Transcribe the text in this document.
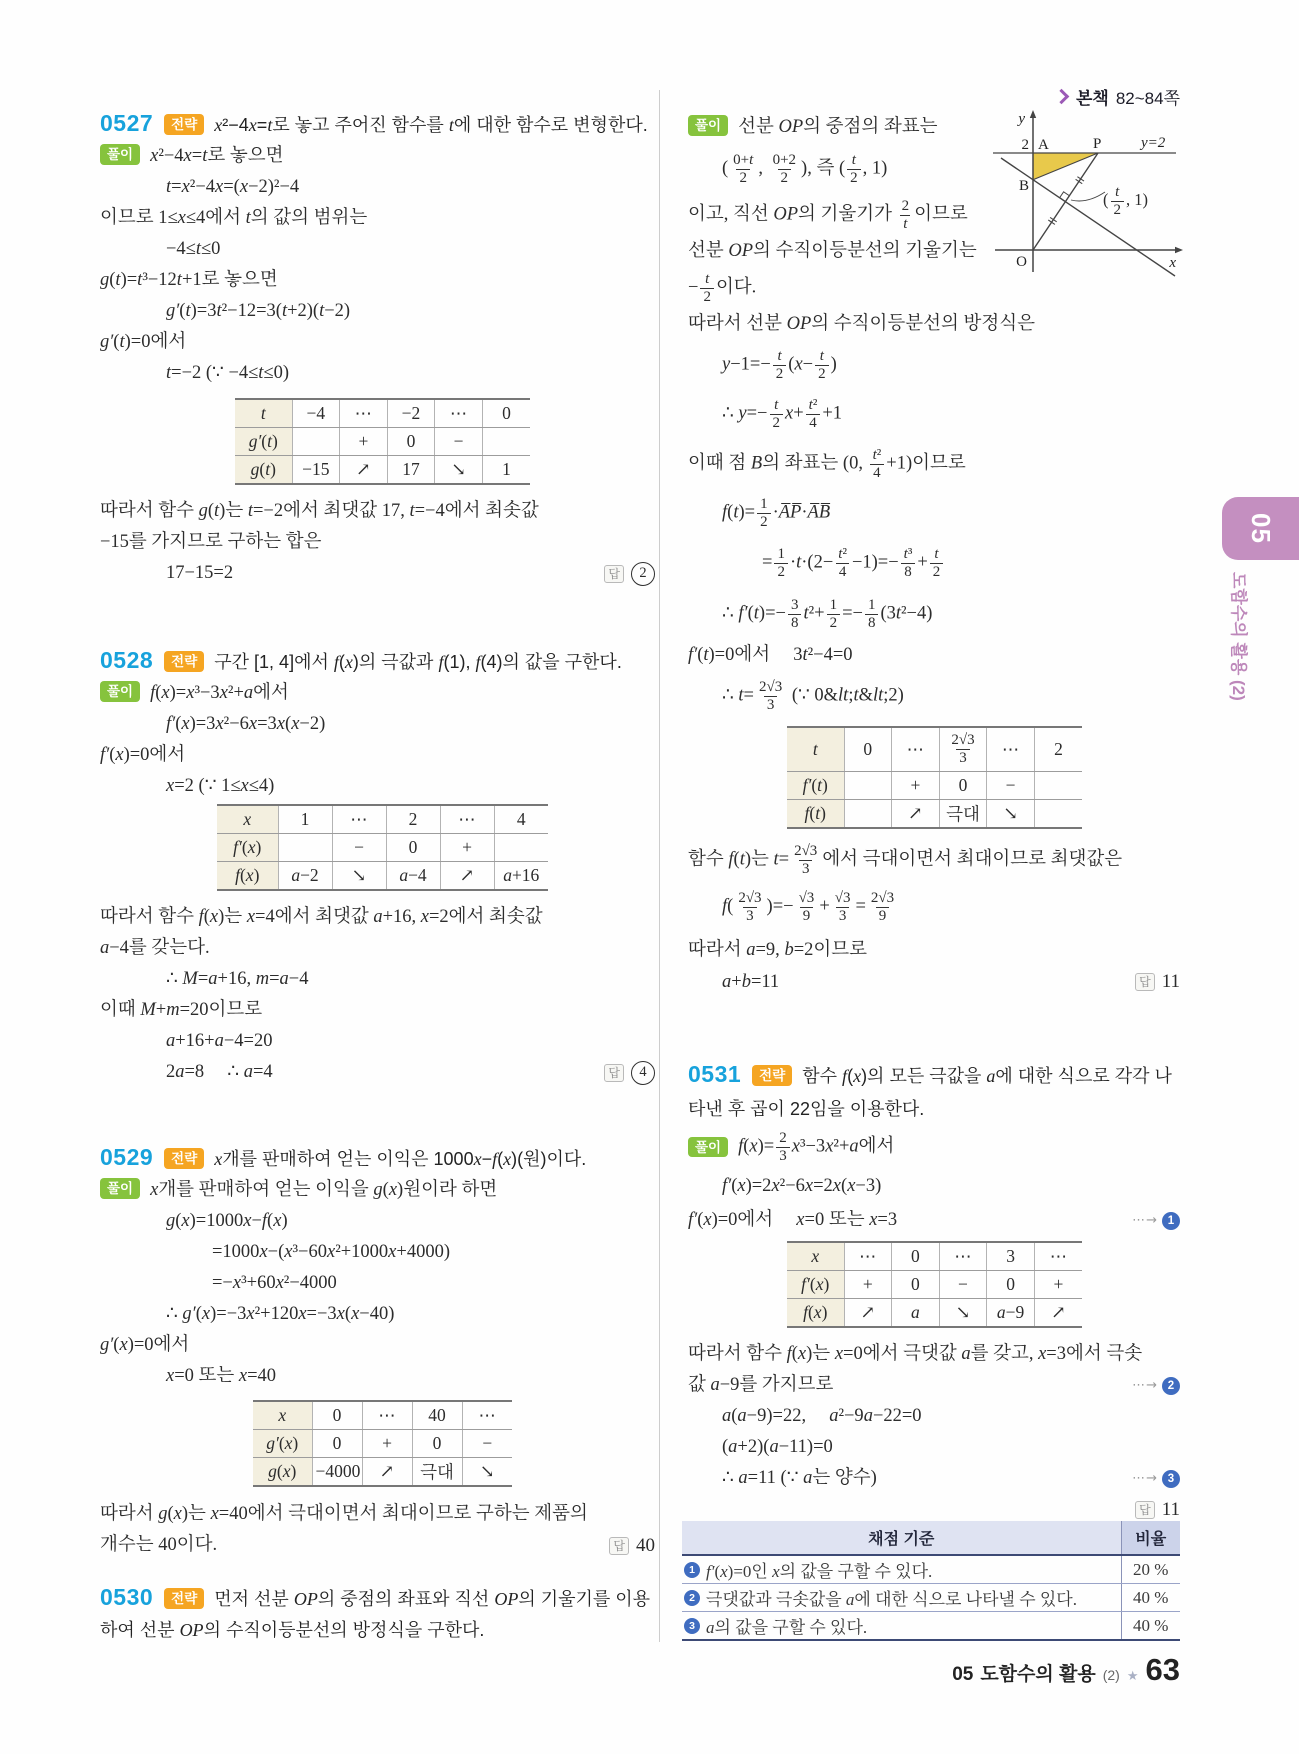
본책 82~84쪽

0527 전략 x²−4x=t로 놓고 주어진 함수를 t에 대한 함수로 변형한다.

풀이 x²−4x=t로 놓으면
t=x²−4x=(x−2)²−4
이므로 1≤x≤4에서 t의 값의 범위는
−4≤t≤0
g(t)=t³−12t+1로 놓으면
g′(t)=3t²−12=3(t+2)(t−2)
g′(t)=0에서
t=−2 (∵ −4≤t≤0)
t	−4	⋯	−2	⋯	0
g′(t)		+	0	−	
g(t)	−15	↗	17	↘	1
따라서 함수 g(t)는 t=−2에서 최댓값 17, t=−4에서 최솟값
−15를 가지므로 구하는 합은
17−15=2	답	2

0528 전략 구간 [1, 4]에서 f(x)의 극값과 f(1), f(4)의 값을 구한다.

풀이 f(x)=x³−3x²+a에서
f′(x)=3x²−6x=3x(x−2)
f′(x)=0에서
x=2 (∵ 1≤x≤4)
x	1	⋯	2	⋯	4
f′(x)		−	0	+	
f(x)	a−2	↘	a−4	↗	a+16
따라서 함수 f(x)는 x=4에서 최댓값 a+16, x=2에서 최솟값
a−4를 갖는다.
∴ M=a+16, m=a−4
이때 M+m=20이므로
a+16+a−4=20
2a=8     ∴ a=4	답	4

0529 전략 x개를 판매하여 얻는 이익은 1000x−f(x)(원)이다.

풀이 x개를 판매하여 얻는 이익을 g(x)원이라 하면
g(x)=1000x−f(x)
=1000x−(x³−60x²+1000x+4000)
=−x³+60x²−4000
∴ g′(x)=−3x²+120x=−3x(x−40)
g′(x)=0에서
x=0 또는 x=40
x	0	⋯	40	⋯
g′(x)	0	+	0	−
g(x)	−4000	↗	극대	↘
따라서 g(x)는 x=40에서 극대이면서 최대이므로 구하는 제품의
개수는 40이다.	답 40

0530 전략 먼저 선분 OP의 중점의 좌표와 직선 OP의 기울기를 이용하여 선분 OP의 수직이등분선의 방정식을 구한다.

풀이 선분 OP의 중점의 좌표는
( $\frac{0+t}{2}$ , $\frac{0+2}{2}$ ), 즉 ( $\frac{t}{2}$ , 1)
이고, 직선 OP의 기울기가 $\frac{2}{t}$ 이므로
선분 OP의 수직이등분선의 기울기는
− $\frac{t}{2}$ 이다.
따라서 선분 OP의 수직이등분선의 방정식은
$y-1=- \frac{t}{2} (x- \frac{t}{2}$ )
∴ $y=- \frac{t}{2} x+ \frac{\text{t²}}{4} +1$
이때 점 B의 좌표는 (0, $\frac{\text{t²}}{4} +1$)이므로
$f(t)= \frac{1}{2}$ ·A̅P̅·A̅B̅
= $\frac{1}{2} \cdot t\cdot(2- \frac{\text{t²}}{4} -1)=- \frac{\text{t³}}{8} + \frac{t}{2}$
∴ $f'(t)=- \frac{3}{8} t^2+ \frac{1}{2} =- \frac{1}{8} (3t^2-4)$
f′(t)=0에서     3t²−4=0
∴ $t= \frac{2√3}{3}$ (∵ 0&lt;t&lt;2)
t	0	⋯	$\frac{2√3}{3}$	⋯	2
f′(t)		+	0	−	
f(t)		↗	극대	↘	
함수 f(t)는 $t= \frac{2√3}{3}$ 에서 극대이면서 최대이므로 최댓값은
$f( \frac{2√3}{3}$ )=− $\frac{√3}{9} + \frac{√3}{3} = \frac{2√3}{9}$
따라서 a=9, b=2이므로
a+b=11	답 11
y
x
O
2 A	P
B
y=2
( $\frac{t}{2}$ , 1)

0531 전략 함수 f(x)의 모든 극값을 a에 대한 식으로 각각 나타낸 후 곱이 22임을 이용한다.

풀이 $f(x)= \frac{2}{3} x^3-3x^2+a$에서
f′(x)=2x²−6x=2x(x−3)
f′(x)=0에서     x=0 또는 x=3	⋯→ 1
x	⋯	0	⋯	3	⋯
f′(x)	+	0	−	0	+
f(x)	↗	a	↘	a−9	↗
따라서 함수 f(x)는 x=0에서 극댓값 a를 갖고, x=3에서 극솟
값 a−9를 가지므로	⋯→ 2
a(a−9)=22,     a²−9a−22=0
(a+2)(a−11)=0
∴ a=11 (∵ a는 양수)	⋯→ 3
답 11
채점 기준	비율

1 f′(x)=0인 x의 값을 구할 수 있다.	20 %

2 극댓값과 극솟값을 a에 대한 식으로 나타낼 수 있다.	40 %

3 a의 값을 구할 수 있다.	40 %
05
도함수의 활용 (2)
05 도함수의 활용 (2) ★ 63
